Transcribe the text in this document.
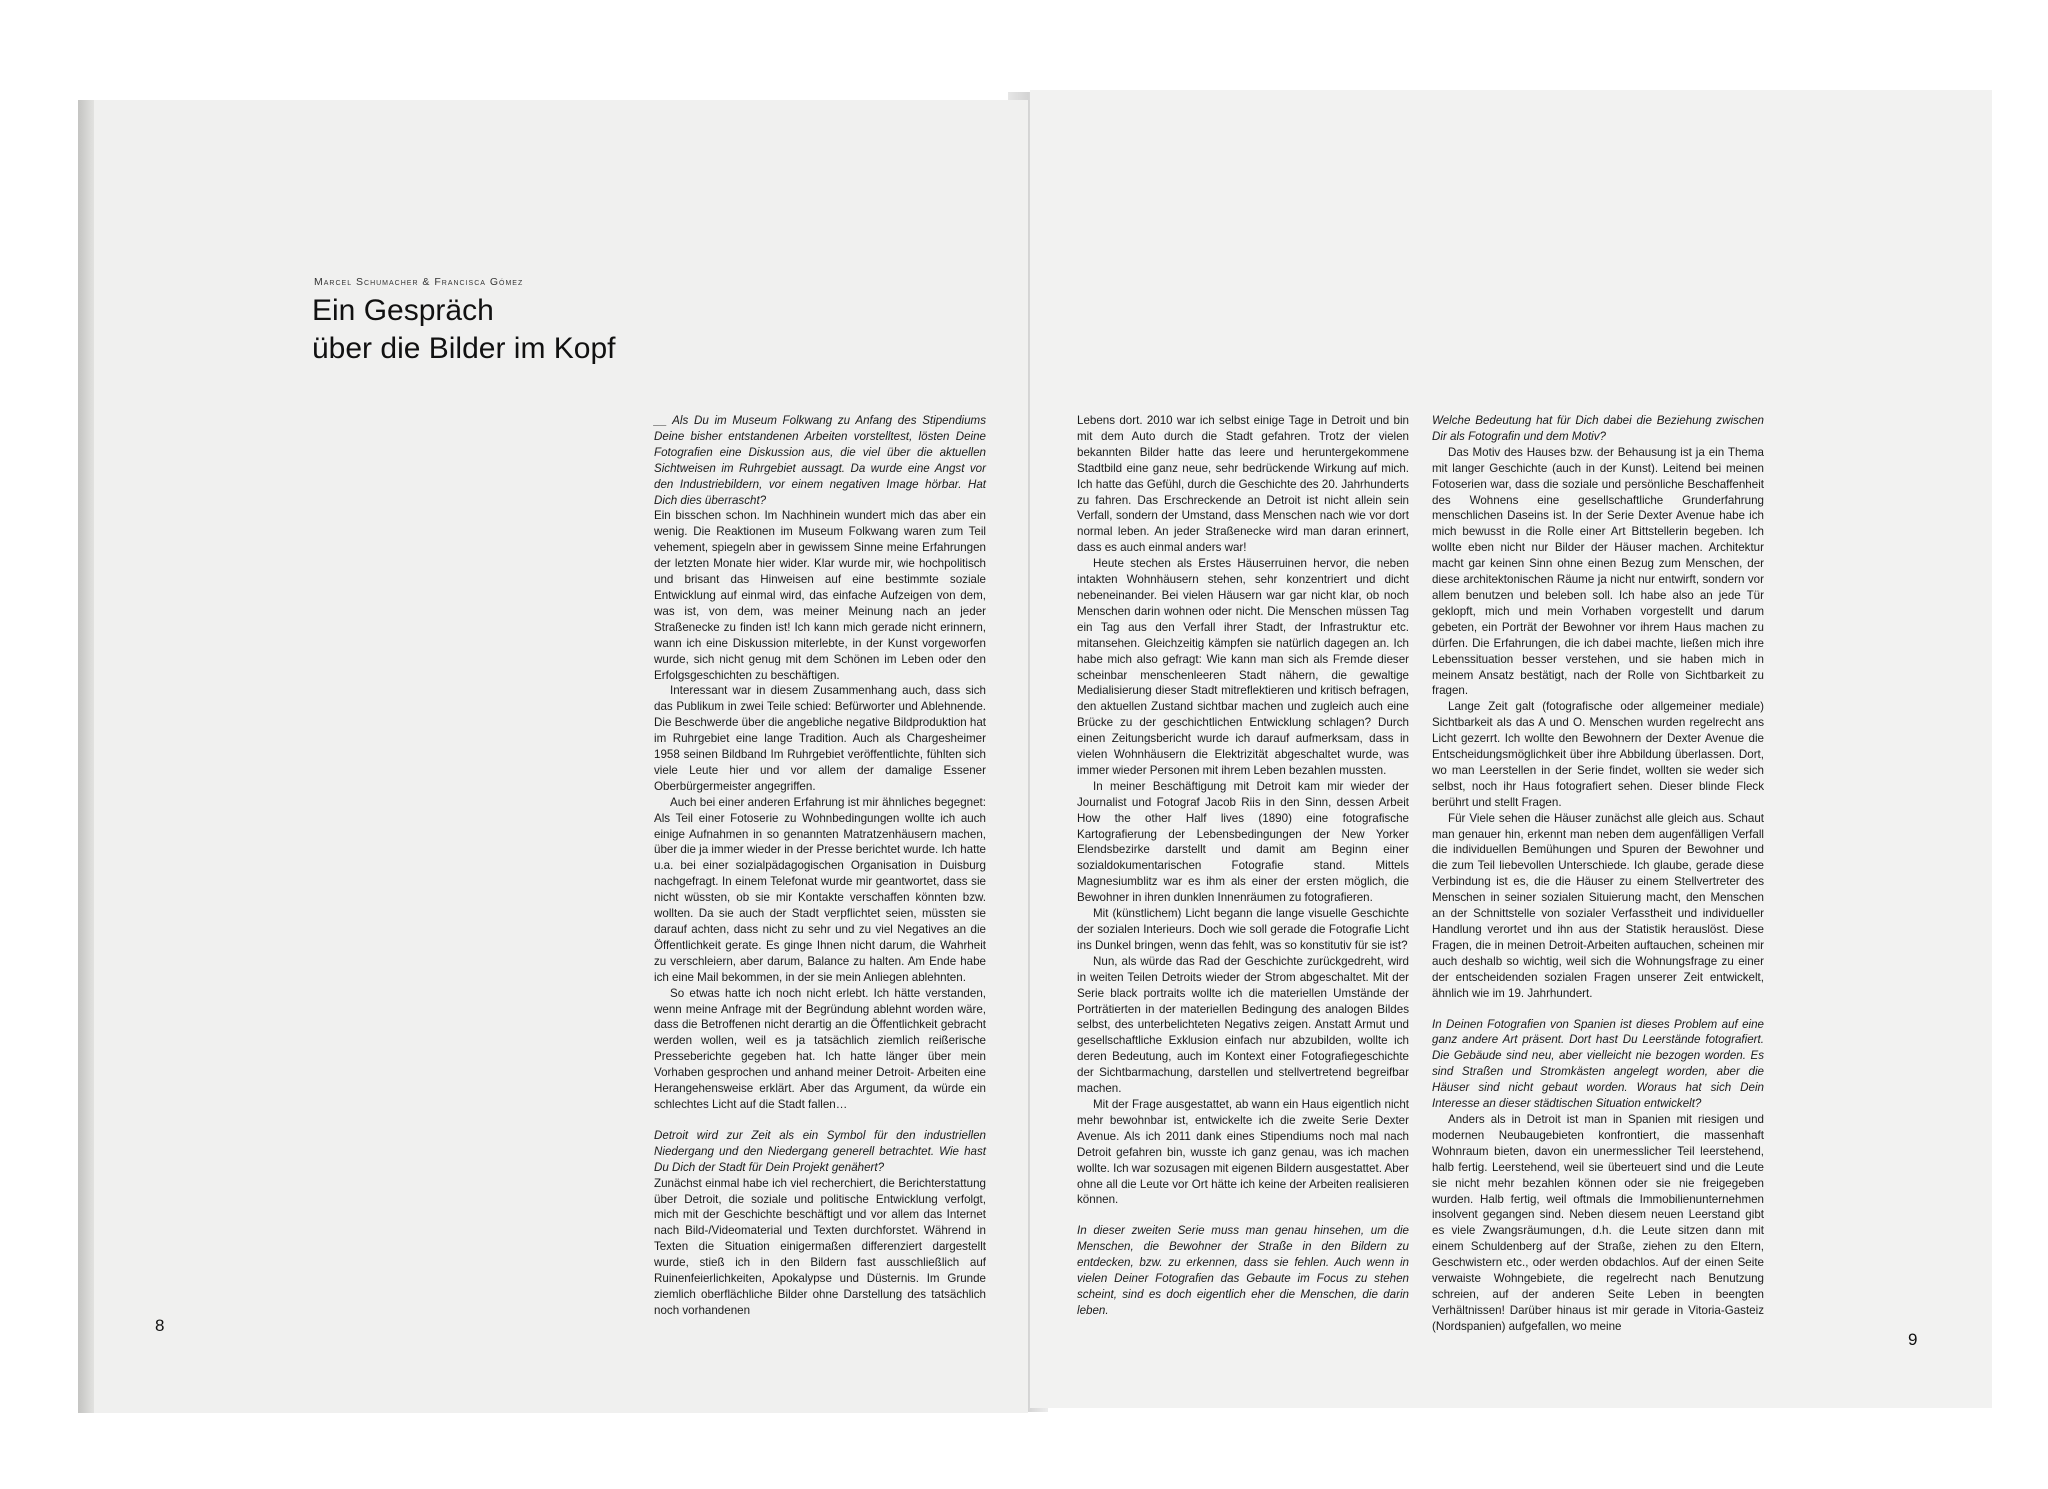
Marcel Schumacher & Francisca Gómez
Ein Gespräch
über die Bilder im Kopf

__ Als Du im Museum Folkwang zu Anfang des Stipendiums Deine bisher entstandenen Arbeiten vorstelltest, lösten Deine Fotografien eine Diskussion aus, die viel über die aktuellen Sichtweisen im Ruhrgebiet aussagt. Da wurde eine Angst vor den Industriebildern, vor einem negativen Image hörbar. Hat Dich dies überrascht?

Ein bisschen schon. Im Nachhinein wundert mich das aber ein wenig. Die Reaktionen im Museum Folkwang waren zum Teil vehement, spiegeln aber in gewissem Sinne meine Erfahrungen der letzten Monate hier wider. Klar wurde mir, wie hochpolitisch und brisant das Hinweisen auf eine bestimmte soziale Entwicklung auf einmal wird, das einfache Aufzeigen von dem, was ist, von dem, was meiner Meinung nach an jeder Straßenecke zu finden ist! Ich kann mich gerade nicht erinnern, wann ich eine Diskussion miterlebte, in der Kunst vorgeworfen wurde, sich nicht genug mit dem Schönen im Leben oder den Erfolgsgeschichten zu beschäftigen.

Interessant war in diesem Zusammenhang auch, dass sich das Publikum in zwei Teile schied: Befürworter und Ablehnende. Die Beschwerde über die angebliche negative Bildproduktion hat im Ruhrgebiet eine lange Tradition. Auch als Chargesheimer 1958 seinen Bildband Im Ruhrgebiet veröffentlichte, fühlten sich viele Leute hier und vor allem der damalige Essener Oberbürgermeister angegriffen.

Auch bei einer anderen Erfahrung ist mir ähnliches begegnet: Als Teil einer Fotoserie zu Wohnbedingungen wollte ich auch einige Aufnahmen in so genannten Matratzenhäusern machen, über die ja immer wieder in der Presse berichtet wurde. Ich hatte u.a. bei einer sozialpädagogischen Organisation in Duisburg nachgefragt. In einem Telefonat wurde mir geantwortet, dass sie nicht wüssten, ob sie mir Kontakte verschaffen könnten bzw. wollten. Da sie auch der Stadt verpflichtet seien, müssten sie darauf achten, dass nicht zu sehr und zu viel Negatives an die Öffentlichkeit gerate. Es ginge Ihnen nicht darum, die Wahrheit zu verschleiern, aber darum, Balance zu halten. Am Ende habe ich eine Mail bekommen, in der sie mein Anliegen ablehnten.

So etwas hatte ich noch nicht erlebt. Ich hätte verstanden, wenn meine Anfrage mit der Begründung ablehnt worden wäre, dass die Betroffenen nicht derartig an die Öffentlichkeit gebracht werden wollen, weil es ja tatsächlich ziemlich reißerische Presseberichte gegeben hat. Ich hatte länger über mein Vorhaben gesprochen und anhand meiner Detroit- Arbeiten eine Herangehensweise erklärt. Aber das Argument, da würde ein schlechtes Licht auf die Stadt fallen…

Detroit wird zur Zeit als ein Symbol für den industriellen Niedergang und den Niedergang generell betrachtet. Wie hast Du Dich der Stadt für Dein Projekt genähert?

Zunächst einmal habe ich viel recherchiert, die Berichterstattung über Detroit, die soziale und politische Entwicklung verfolgt, mich mit der Geschichte beschäftigt und vor allem das Internet nach Bild-/Videomaterial und Texten durchforstet. Während in Texten die Situation einigermaßen differenziert dargestellt wurde, stieß ich in den Bildern fast ausschließlich auf Ruinenfeierlichkeiten, Apokalypse und Düsternis. Im Grunde ziemlich oberflächliche Bilder ohne Darstellung des tatsächlich noch vorhandenen

Lebens dort. 2010 war ich selbst einige Tage in Detroit und bin mit dem Auto durch die Stadt gefahren. Trotz der vielen bekannten Bilder hatte das leere und heruntergekommene Stadtbild eine ganz neue, sehr bedrückende Wirkung auf mich. Ich hatte das Gefühl, durch die Geschichte des 20. Jahrhunderts zu fahren. Das Erschreckende an Detroit ist nicht allein sein Verfall, sondern der Umstand, dass Menschen nach wie vor dort normal leben. An jeder Straßenecke wird man daran erinnert, dass es auch einmal anders war!

Heute stechen als Erstes Häuserruinen hervor, die neben intakten Wohnhäusern stehen, sehr konzentriert und dicht nebeneinander. Bei vielen Häusern war gar nicht klar, ob noch Menschen darin wohnen oder nicht. Die Menschen müssen Tag ein Tag aus den Verfall ihrer Stadt, der Infrastruktur etc. mitansehen. Gleichzeitig kämpfen sie natürlich dagegen an. Ich habe mich also gefragt: Wie kann man sich als Fremde dieser scheinbar menschenleeren Stadt nähern, die gewaltige Medialisierung dieser Stadt mitreflektieren und kritisch befragen, den aktuellen Zustand sichtbar machen und zugleich auch eine Brücke zu der geschichtlichen Entwicklung schlagen? Durch einen Zeitungsbericht wurde ich darauf aufmerksam, dass in vielen Wohnhäusern die Elektrizität abgeschaltet wurde, was immer wieder Personen mit ihrem Leben bezahlen mussten.

In meiner Beschäftigung mit Detroit kam mir wieder der Journalist und Fotograf Jacob Riis in den Sinn, dessen Arbeit How the other Half lives (1890) eine fotografische Kartografierung der Lebensbedingungen der New Yorker Elendsbezirke darstellt und damit am Beginn einer sozialdokumentarischen Fotografie stand. Mittels Magnesiumblitz war es ihm als einer der ersten möglich, die Bewohner in ihren dunklen Innenräumen zu fotografieren.

Mit (künstlichem) Licht begann die lange visuelle Geschichte der sozialen Interieurs. Doch wie soll gerade die Fotografie Licht ins Dunkel bringen, wenn das fehlt, was so konstitutiv für sie ist?

Nun, als würde das Rad der Geschichte zurückgedreht, wird in weiten Teilen Detroits wieder der Strom abgeschaltet. Mit der Serie black portraits wollte ich die materiellen Umstände der Porträtierten in der materiellen Bedingung des analogen Bildes selbst, des unterbelichteten Negativs zeigen. Anstatt Armut und gesellschaftliche Exklusion einfach nur abzubilden, wollte ich deren Bedeutung, auch im Kontext einer Fotografiegeschichte der Sichtbarmachung, darstellen und stellvertretend begreifbar machen.

Mit der Frage ausgestattet, ab wann ein Haus eigentlich nicht mehr bewohnbar ist, entwickelte ich die zweite Serie Dexter Avenue. Als ich 2011 dank eines Stipendiums noch mal nach Detroit gefahren bin, wusste ich ganz genau, was ich machen wollte. Ich war sozusagen mit eigenen Bildern ausgestattet. Aber ohne all die Leute vor Ort hätte ich keine der Arbeiten realisieren können.

In dieser zweiten Serie muss man genau hinsehen, um die Menschen, die Bewohner der Straße in den Bildern zu entdecken, bzw. zu erkennen, dass sie fehlen. Auch wenn in vielen Deiner Fotografien das Gebaute im Focus zu stehen scheint, sind es doch eigentlich eher die Menschen, die darin leben.

Welche Bedeutung hat für Dich dabei die Beziehung zwischen Dir als Fotografin und dem Motiv?

Das Motiv des Hauses bzw. der Behausung ist ja ein Thema mit langer Geschichte (auch in der Kunst). Leitend bei meinen Fotoserien war, dass die soziale und persönliche Beschaffenheit des Wohnens eine gesellschaftliche Grunderfahrung menschlichen Daseins ist. In der Serie Dexter Avenue habe ich mich bewusst in die Rolle einer Art Bittstellerin begeben. Ich wollte eben nicht nur Bilder der Häuser machen. Architektur macht gar keinen Sinn ohne einen Bezug zum Menschen, der diese architektonischen Räume ja nicht nur entwirft, sondern vor allem benutzen und beleben soll. Ich habe also an jede Tür geklopft, mich und mein Vorhaben vorgestellt und darum gebeten, ein Porträt der Bewohner vor ihrem Haus machen zu dürfen. Die Erfahrungen, die ich dabei machte, ließen mich ihre Lebenssituation besser verstehen, und sie haben mich in meinem Ansatz bestätigt, nach der Rolle von Sichtbarkeit zu fragen.

Lange Zeit galt (fotografische oder allgemeiner mediale) Sichtbarkeit als das A und O. Menschen wurden regelrecht ans Licht gezerrt. Ich wollte den Bewohnern der Dexter Avenue die Entscheidungsmöglichkeit über ihre Abbildung überlassen. Dort, wo man Leerstellen in der Serie findet, wollten sie weder sich selbst, noch ihr Haus fotografiert sehen. Dieser blinde Fleck berührt und stellt Fragen.

Für Viele sehen die Häuser zunächst alle gleich aus. Schaut man genauer hin, erkennt man neben dem augenfälligen Verfall die individuellen Bemühungen und Spuren der Bewohner und die zum Teil liebevollen Unterschiede. Ich glaube, gerade diese Verbindung ist es, die die Häuser zu einem Stellvertreter des Menschen in seiner sozialen Situierung macht, den Menschen an der Schnittstelle von sozialer Verfasstheit und individueller Handlung verortet und ihn aus der Statistik herauslöst. Diese Fragen, die in meinen Detroit-Arbeiten auftauchen, scheinen mir auch deshalb so wichtig, weil sich die Wohnungsfrage zu einer der entscheidenden sozialen Fragen unserer Zeit entwickelt, ähnlich wie im 19. Jahrhundert.

In Deinen Fotografien von Spanien ist dieses Problem auf eine ganz andere Art präsent. Dort hast Du Leerstände fotografiert. Die Gebäude sind neu, aber vielleicht nie bezogen worden. Es sind Straßen und Stromkästen angelegt worden, aber die Häuser sind nicht gebaut worden. Woraus hat sich Dein Interesse an dieser städtischen Situation entwickelt?

Anders als in Detroit ist man in Spanien mit riesigen und modernen Neubaugebieten konfrontiert, die massenhaft Wohnraum bieten, davon ein unermesslicher Teil leerstehend, halb fertig. Leerstehend, weil sie überteuert sind und die Leute sie nicht mehr bezahlen können oder sie nie freigegeben wurden. Halb fertig, weil oftmals die Immobilienunternehmen insolvent gegangen sind. Neben diesem neuen Leerstand gibt es viele Zwangsräumungen, d.h. die Leute sitzen dann mit einem Schuldenberg auf der Straße, ziehen zu den Eltern, Geschwistern etc., oder werden obdachlos. Auf der einen Seite verwaiste Wohngebiete, die regelrecht nach Benutzung schreien, auf der anderen Seite Leben in beengten Verhältnissen! Darüber hinaus ist mir gerade in Vitoria-Gasteiz (Nordspanien) aufgefallen, wo meine

8
9
